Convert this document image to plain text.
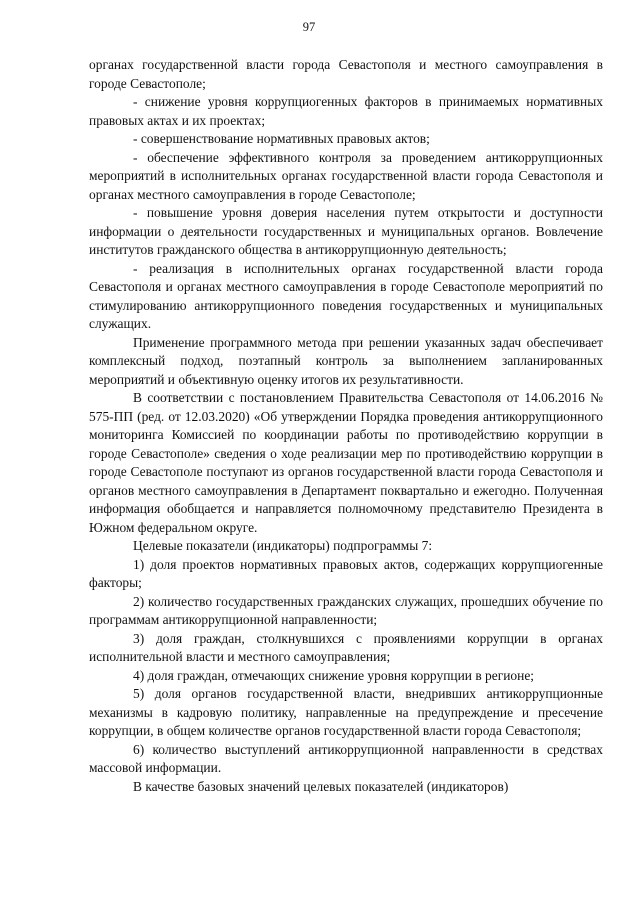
97

органах государственной власти города Севастополя и местного самоуправления в городе Севастополе;

- снижение уровня коррупциогенных факторов в принимаемых нормативных правовых актах и их проектах;

- совершенствование нормативных правовых актов;

- обеспечение эффективного контроля за проведением антикоррупционных мероприятий в исполнительных органах государственной власти города Севастополя и органах местного самоуправления в городе Севастополе;

- повышение уровня доверия населения путем открытости и доступности информации о деятельности государственных и муниципальных органов. Вовлечение институтов гражданского общества в антикоррупционную деятельность;

- реализация в исполнительных органах государственной власти города Севастополя и органах местного самоуправления в городе Севастополе мероприятий по стимулированию антикоррупционного поведения государственных и муниципальных служащих.

Применение программного метода при решении указанных задач обеспечивает комплексный подход, поэтапный контроль за выполнением запланированных мероприятий и объективную оценку итогов их результативности.

В соответствии с постановлением Правительства Севастополя от 14.06.2016 № 575-ПП (ред. от 12.03.2020) «Об утверждении Порядка проведения антикоррупционного мониторинга Комиссией по координации работы по противодействию коррупции в городе Севастополе» сведения о ходе реализации мер по противодействию коррупции в городе Севастополе поступают из органов государственной власти города Севастополя и органов местного самоуправления в Департамент поквартально и ежегодно. Полученная информация обобщается и направляется полномочному представителю Президента в Южном федеральном округе.

Целевые показатели (индикаторы) подпрограммы 7:

1) доля проектов нормативных правовых актов, содержащих коррупциогенные факторы;

2) количество государственных гражданских служащих, прошедших обучение по программам антикоррупционной направленности;

3) доля граждан, столкнувшихся с проявлениями коррупции в органах исполнительной власти и местного самоуправления;

4) доля граждан, отмечающих снижение уровня коррупции в регионе;

5) доля органов государственной власти, внедривших антикоррупционные механизмы в кадровую политику, направленные на предупреждение и пресечение коррупции, в общем количестве органов государственной власти города Севастополя;

6) количество выступлений антикоррупционной направленности в средствах массовой информации.

В качестве базовых значений целевых показателей (индикаторов)
